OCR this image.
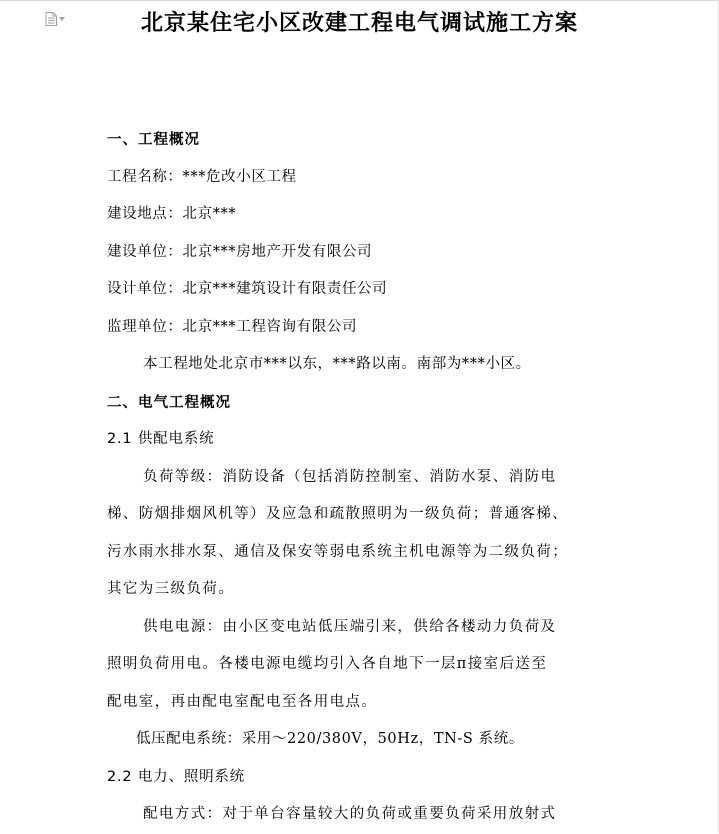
北京某住宅小区改建工程电气调试施工方案
一、工程概况
工程名称：***危改小区工程
建设地点：北京***
建设单位：北京***房地产开发有限公司
设计单位：北京***建筑设计有限责任公司
监理单位：北京***工程咨询有限公司
本工程地处北京市***以东，***路以南。南部为***小区。
二、电气工程概况
2.1 供配电系统
负荷等级：消防设备（包括消防控制室、消防水泵、消防电
梯、防烟排烟风机等）及应急和疏散照明为一级负荷；普通客梯、
污水雨水排水泵、通信及保安等弱电系统主机电源等为二级负荷；
其它为三级负荷。
供电电源：由小区变电站低压端引来，供给各楼动力负荷及
照明负荷用电。各楼电源电缆均引入各自地下一层π接室后送至
配电室，再由配电室配电至各用电点。
低压配电系统：采用～220/380V，50Hz，TN-S 系统。
2.2 电力、照明系统
配电方式：对于单台容量较大的负荷或重要负荷采用放射式
